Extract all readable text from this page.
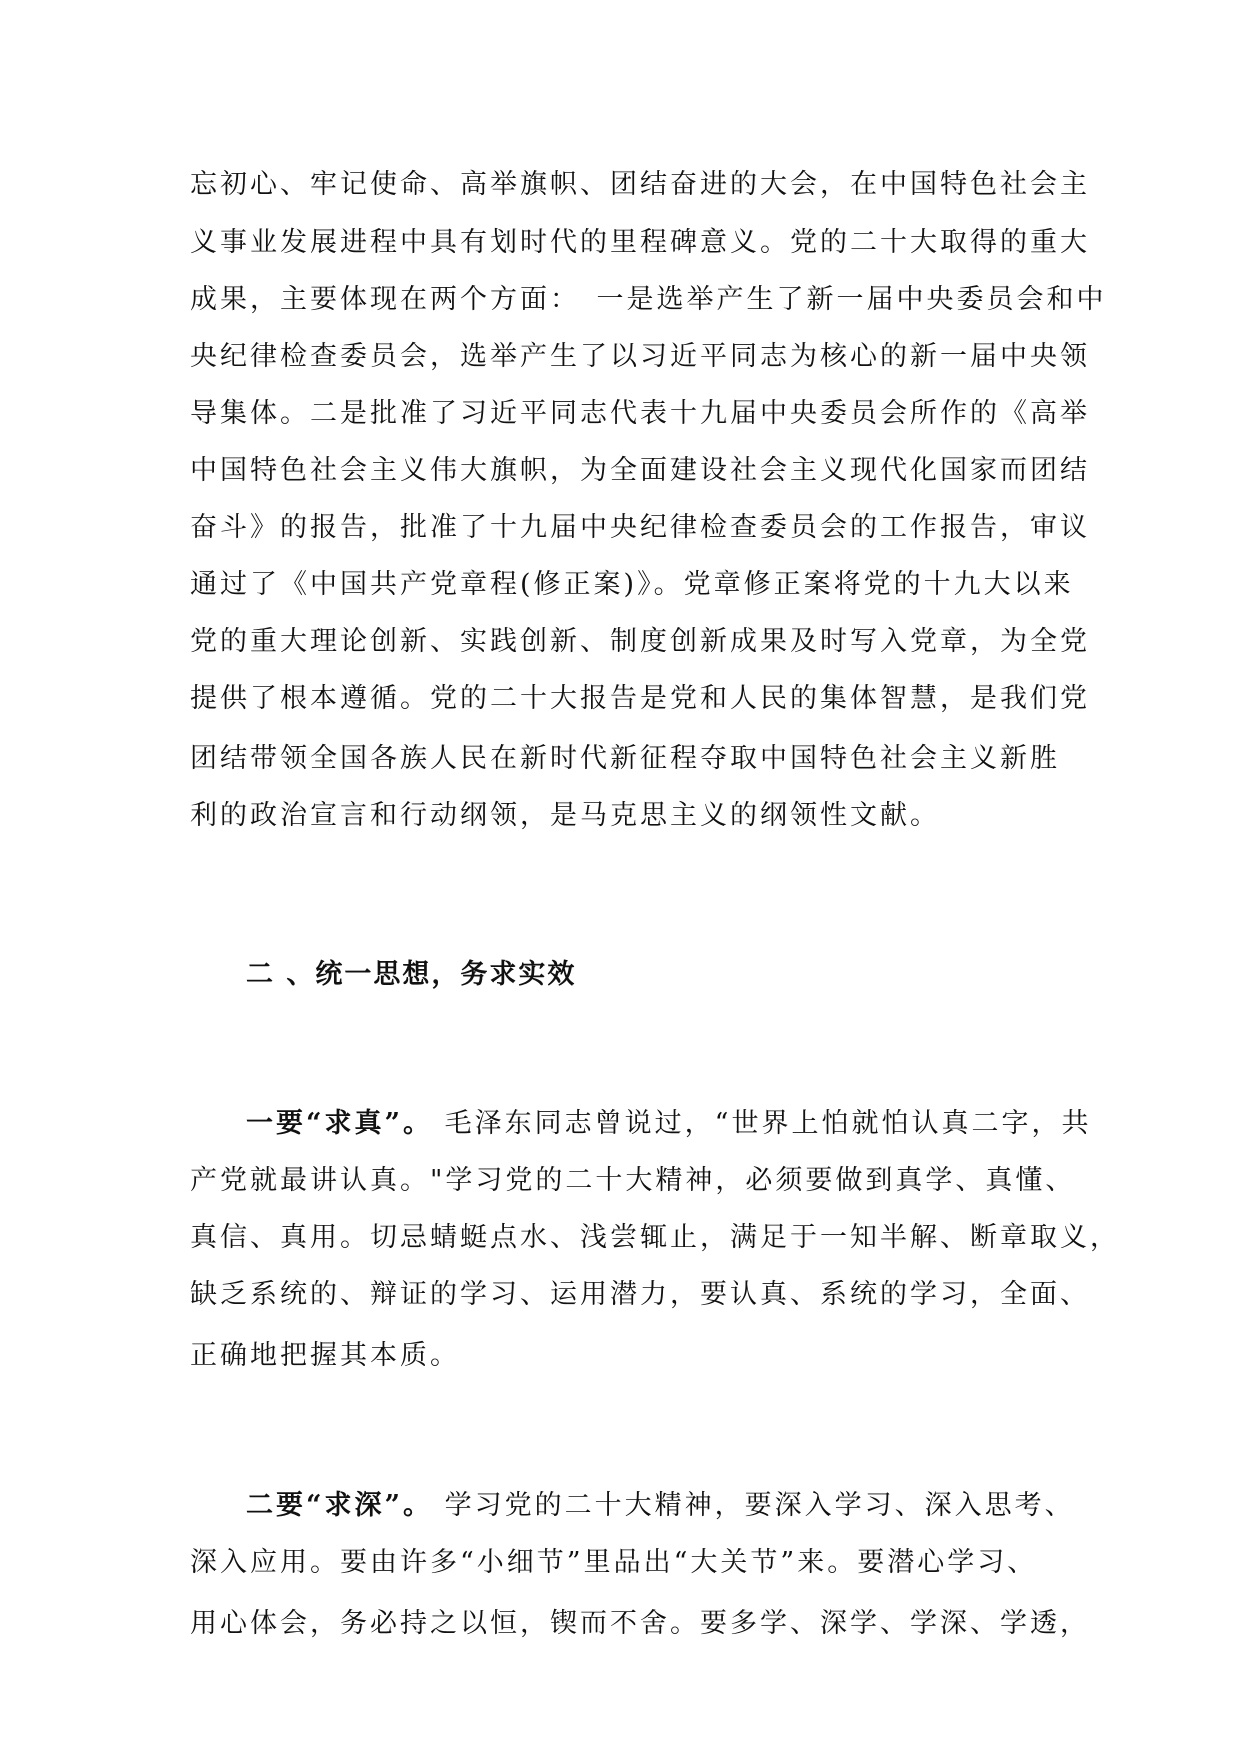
忘初心、牢记使命、高举旗帜、团结奋进的大会，在中国特色社会主
义事业发展进程中具有划时代的里程碑意义。党的二十大取得的重大
成果，主要体现在两个方面：　一是选举产生了新一届中央委员会和中
央纪律检查委员会，选举产生了以习近平同志为核心的新一届中央领
导集体。二是批准了习近平同志代表十九届中央委员会所作的《高举
中国特色社会主义伟大旗帜，为全面建设社会主义现代化国家而团结
奋斗》的报告，批准了十九届中央纪律检查委员会的工作报告，审议
通过了《中国共产党章程(修正案)》。党章修正案将党的十九大以来
党的重大理论创新、实践创新、制度创新成果及时写入党章，为全党
提供了根本遵循。党的二十大报告是党和人民的集体智慧，是我们党
团结带领全国各族人民在新时代新征程夺取中国特色社会主义新胜
利的政治宣言和行动纲领，是马克思主义的纲领性文献。
二 、统一思想，务求实效
一要“求真”。 毛泽东同志曾说过，“世界上怕就怕认真二字，共
产党就最讲认真。"学习党的二十大精神，必须要做到真学、真懂、
真信、真用。切忌蜻蜓点水、浅尝辄止，满足于一知半解、断章取义，
缺乏系统的、辩证的学习、运用潜力，要认真、系统的学习，全面、
正确地把握其本质。
二要“求深”。 学习党的二十大精神，要深入学习、深入思考、
深入应用。要由许多“小细节”里品出“大关节”来。要潜心学习、
用心体会，务必持之以恒，锲而不舍。要多学、深学、学深、学透，
